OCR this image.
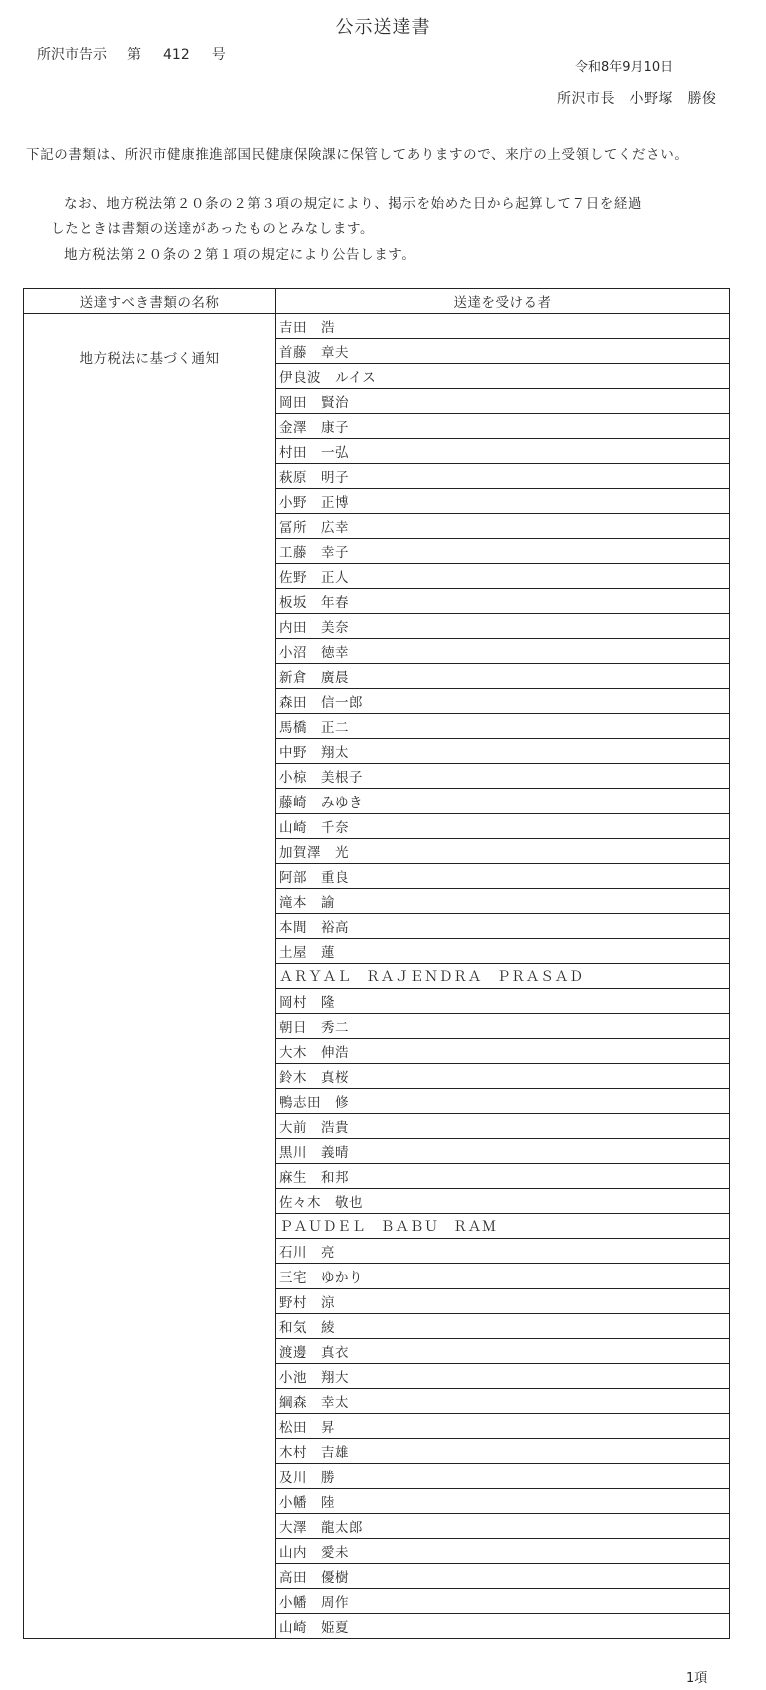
公示送達書
所沢市告示 第 412 号
令和8年9月10日
所沢市長　小野塚　勝俊
下記の書類は、所沢市健康推進部国民健康保険課に保管してありますので、来庁の上受領してください。
なお、地方税法第２０条の２第３項の規定により、掲示を始めた日から起算して７日を経過
したときは書類の送達があったものとみなします。
地方税法第２０条の２第１項の規定により公告します。
送達すべき書類の名称	送達を受ける者
地方税法に基づく通知	吉田　浩
	首藤　章夫
	伊良波　ルイス
	岡田　賢治
	金澤　康子
	村田　一弘
	萩原　明子
	小野　正博
	冨所　広幸
	工藤　幸子
	佐野　正人
	板坂　年春
	内田　美奈
	小沼　徳幸
	新倉　廣晨
	森田　信一郎
	馬橋　正二
	中野　翔太
	小椋　美根子
	藤崎　みゆき
	山崎　千奈
	加賀澤　光
	阿部　重良
	滝本　諭
	本間　裕高
	土屋　蓮
	ＡＲＹＡＬ　ＲＡＪＥＮＤＲＡ　ＰＲＡＳＡＤ
	岡村　隆
	朝日　秀二
	大木　伸浩
	鈴木　真桜
	鴨志田　修
	大前　浩貴
	黒川　義晴
	麻生　和邦
	佐々木　敬也
	ＰＡＵＤＥＬ　ＢＡＢＵ　ＲＡＭ
	石川　亮
	三宅　ゆかり
	野村　涼
	和気　綾
	渡邊　真衣
	小池　翔大
	綱森　幸太
	松田　昇
	木村　吉雄
	及川　勝
	小幡　陸
	大澤　龍太郎
	山内　愛未
	高田　優樹
	小幡　周作
	山崎　姫夏
1項
